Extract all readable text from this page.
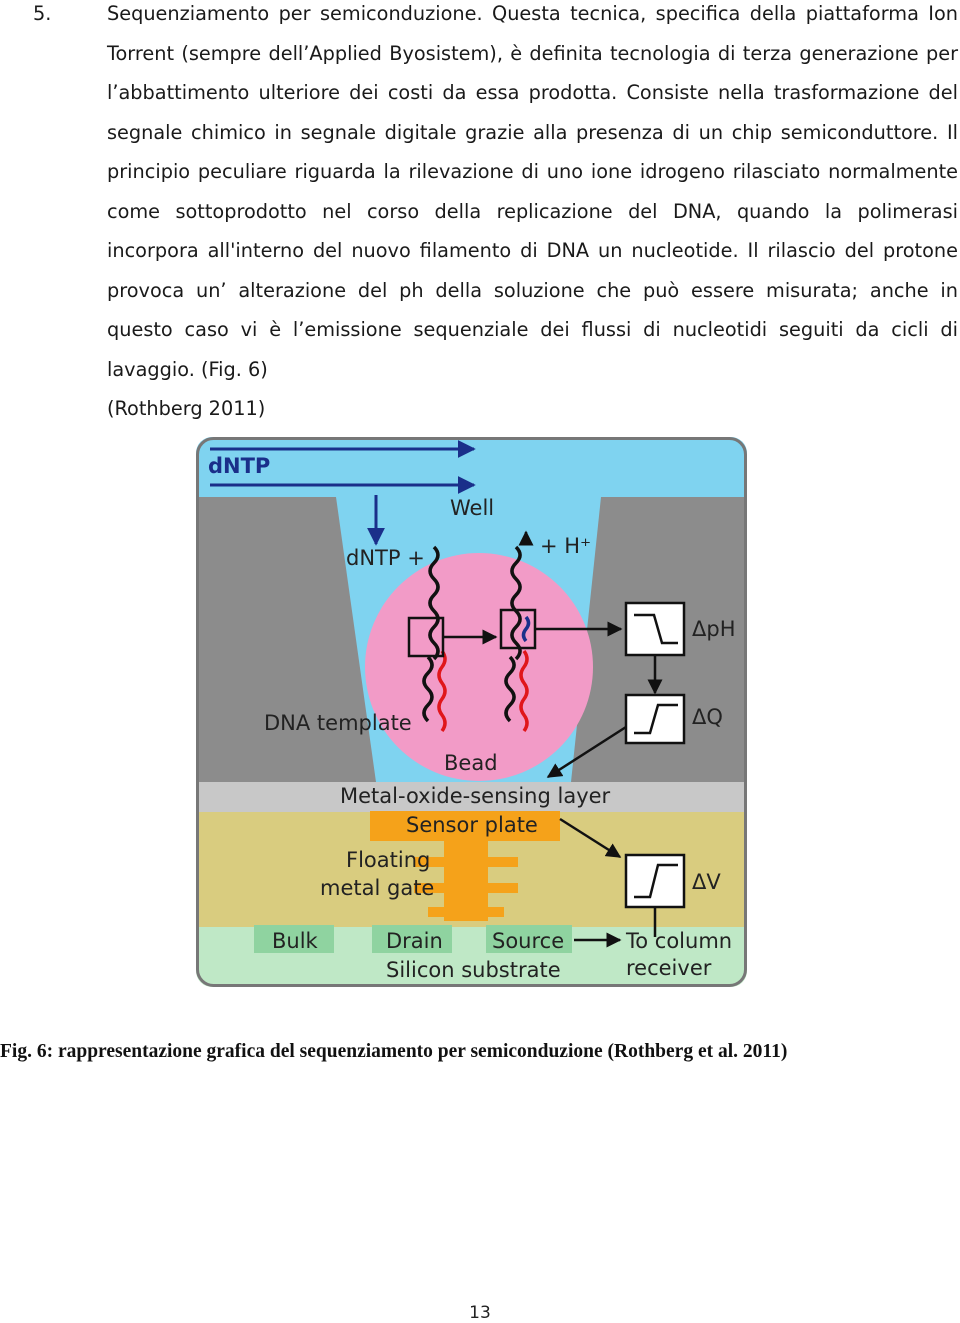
5.	Sequenziamento per semiconduzione. Questa tecnica, specifica della piattaforma Ion Torrent (sempre dell’Applied Byosistem), è definita tecnologia di terza generazione per l’abbattimento ulteriore dei costi da essa prodotta. Consiste nella trasformazione del segnale chimico in segnale digitale grazie alla presenza di un chip semiconduttore. Il principio peculiare riguarda la rilevazione di uno ione idrogeno rilasciato normalmente come sottoprodotto nel corso della replicazione del DNA, quando la polimerasi incorpora all'interno del nuovo filamento di DNA un nucleotide. Il rilascio del protone provoca un’ alterazione del ph della soluzione che può essere misurata; anche in questo caso vi è l’emissione sequenziale dei flussi di nucleotidi seguiti da cicli di lavaggio. (Fig. 6)
(Rothberg 2011)
dNTP
Well
dNTP +	+ H⁺
ΔpH
ΔQ
DNA template
Bead
Metal-oxide-sensing layer
Sensor plate
Floating
metal gate	ΔV
Bulk	Drain Source	To column
receiver
Silicon substrate
Fig. 6: rappresentazione grafica del sequenziamento per semiconduzione (Rothberg et al. 2011)
13
